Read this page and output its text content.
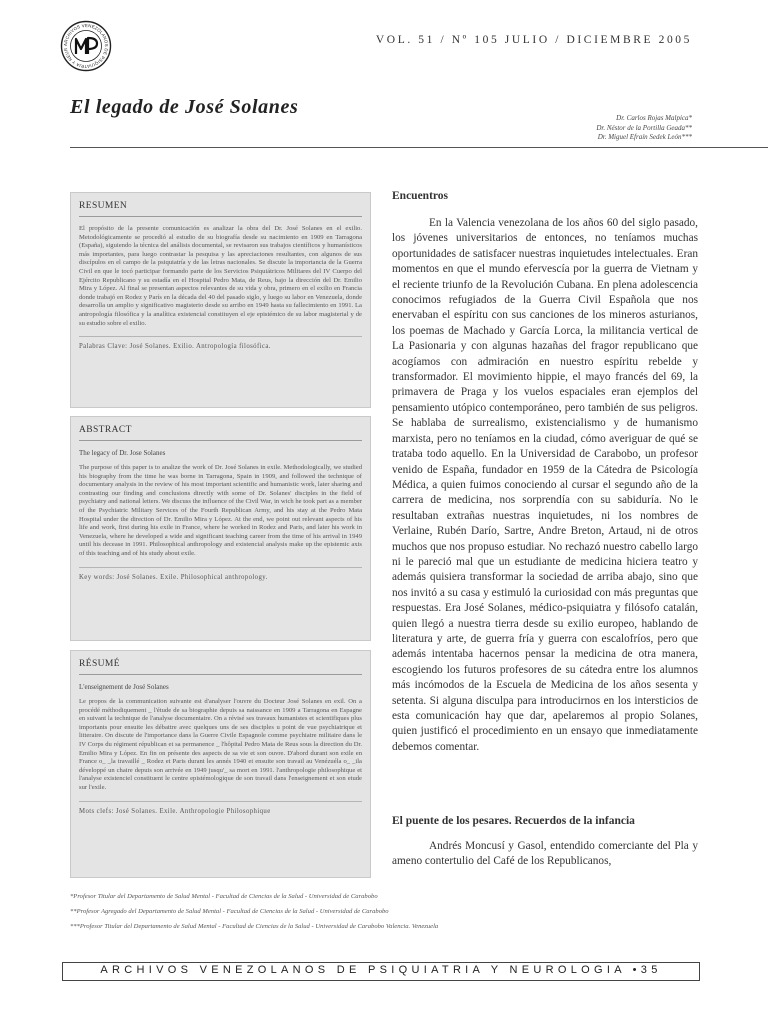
ARCHIVOS VENEZOLANOS DE PSIQUIATRIA Y NEUR
VOL. 51 / Nº 105 JULIO / DICIEMBRE 2005
El legado de José Solanes	Dr. Carlos Rojas Malpica*
Dr. Néstor de la Portilla Geada**
Dr. Miguel Efraín Sedek León***
RESUMEN

El propósito de la presente comunicación es analizar la obra del Dr. José Solanes en el exilio. Metodológicamente se procedió al estudio de su biografía desde su nacimiento en 1909 en Tarragona (España), siguiendo la técnica del análisis documental, se revisaron sus trabajos científicos y humanísticos más importantes, para luego contrastar la pesquisa y las apreciaciones resultantes, con algunos de sus discípulos en el campo de la psiquiatría y de las letras nacionales. Se discute la importancia de la Guerra Civil en que le tocó participar formando parte de los Servicios Psiquiátricos Militares del IV Cuerpo del Ejército Republicano y su estadía en el Hospital Pedro Mata, de Reus, bajo la dirección del Dr. Emilio Mira y López. Al final se presentan aspectos relevantes de su vida y obra, primero en el exilio en Francia donde trabajó en Rodez y París en la década del 40 del pasado siglo, y luego su labor en Venezuela, donde desarrolla un amplio y significativo magisterio desde su arribo en 1949 hasta su fallecimiento en 1991. La antropología filosófica y la analítica existencial constituyen el eje epistémico de su labor magisterial y de su estudio sobre el exilio.

Palabras Clave: José Solanes. Exilio. Antropología filosófica.
ABSTRACT
The legacy of Dr. Jose Solanes

The purpose of this paper is to analize the work of Dr. José Solanes in exile. Methodologically, we studied his biography from the time he was borne in Tarragona, Spain in 1909, and followed the technique of documentary analysis in the review of his most important scientific and humanistic work, later sharing and contrasting our finding and conclusions directly with some of Dr. Solanes' disciples in the field of psychiatry and national letters. We discuss the influence of the Civil War, in wich he took part as a member of the Psychiatric Military Services of the Fourth Republican Army, and his stay at the Pedro Mata Hospital under the direction of Dr. Emilio Mira y López. At the end, we point out relevant aspects of his life and work, first during his exile in France, where he worked in Rodez and Paris, and later his work in Venezuela, where he developed a wide and significant teaching career from the time of his arrival in 1949 until his decease in 1991. Philosophical anthropology and existencial analysis make up the epistemic axis of this teaching and of his study about exile.

Key words: José Solanes. Exile. Philosophical anthropology.
RÉSUMÉ
L'enseignement de José Solanes

Le propos de la communication suivante est d'analyser l'ouvre du Docteur José Solanes en exil. On a procédé méthodiquement _ l'étude de sa biographie depuis sa naissance en 1909 a Tarragona en Espagne en suivant la technique de l'analyse documentaire. On a révisé ses travaux humanistes et scientifiques plus importants pour ensuite les débattre avec quelques uns de ses disciples u point de vue psychiatrique et litteraire. On discute de l'importance dans la Guerre Civile Espagnole comme psychiatre militaire dans le IV Corps du régiment républican et sa permanence _ l'hôpital Pedro Mata de Reus sous la direction du Dr. Emilio Mira y López. En fin on présente des aspects de sa vie et son ouvre. D'abord durant son exile en France o_ _la travaillé _ Rodez et Paris durant les annés 1940 et ensuite son travail au Venézuéla o_ _ila développé un chaire depuis son arrivée en 1949 jusqu'_ sa mort en 1991. l'anthropologie philosophique et l'analyse existenciel constituent le centre epistémologique de son travail dans l'enseignement et son etude sur l'exile.

Mots clefs: José Solanes. Exile. Anthropologie Philosophique
Encuentros

En la Valencia venezolana de los años 60 del siglo pasado, los jóvenes universitarios de entonces, no teníamos muchas oportunidades de satisfacer nuestras inquietudes intelectuales. Eran momentos en que el mundo efervescía por la guerra de Vietnam y el reciente triunfo de la Revolución Cubana. En plena adolescencia conocimos refugiados de la Guerra Civil Española que nos enervaban el espíritu con sus canciones de los mineros asturianos, los poemas de Machado y García Lorca, la militancia vertical de La Pasionaria y con algunas hazañas del fragor republicano que acogíamos con admiración en nuestro espíritu rebelde y transformador. El movimiento hippie, el mayo francés del 69, la primavera de Praga y los vuelos espaciales eran ejemplos del pensamiento utópico contemporáneo, pero también de sus peligros. Se hablaba de surrealismo, existencialismo y de humanismo marxista, pero no teníamos en la ciudad, cómo averiguar de qué se trataba todo aquello. En la Universidad de Carabobo, un profesor venido de España, fundador en 1959 de la Cátedra de Psicología Médica, a quien fuimos conociendo al cursar el segundo año de la carrera de medicina, nos sorprendía con su sabiduría. No le resultaban extrañas nuestras inquietudes, ni los nombres de Verlaine, Rubén Darío, Sartre, Andre Breton, Artaud, ni de otros muchos que nos propuso estudiar. No rechazó nuestro cabello largo ni le pareció mal que un estudiante de medicina hiciera teatro y además quisiera transformar la sociedad de arriba abajo, sino que nos invitó a su casa y estimuló la curiosidad con más preguntas que respuestas. Era José Solanes, médico-psiquiatra y filósofo catalán, quien llegó a nuestra tierra desde su exilio europeo, hablando de literatura y arte, de guerra fría y guerra con escalofríos, pero que además intentaba hacernos pensar la medicina de otra manera, escogiendo los futuros profesores de su cátedra entre los alumnos más incómodos de la Escuela de Medicina de los años sesenta y setenta. Si alguna disculpa para introducirnos en los intersticios de esta comunicación hay que dar, apelaremos al propio Solanes, quien justificó el procedimiento en un ensayo que inmediatamente debemos comentar.

El puente de los pesares. Recuerdos de la infancia

Andrés Moncusí y Gasol, entendido comerciante del Pla y ameno contertulio del Café de los Republicanos,

*Profesor Titular del Departamento de Salud Mental - Facultad de Ciencias de la Salud - Universidad de Carabobo

**Profesor Agregado del Departamento de Salud Mental - Facultad de Ciencias de la Salud - Universidad de Carabobo

***Profesor Titular del Departamento de Salud Mental - Facultad de Ciencias de la Salud - Universidad de Carabobo Valencia. Venezuela

ARCHIVOS VENEZOLANOS DE PSIQUIATRIA Y NEUROLOGIA •35
